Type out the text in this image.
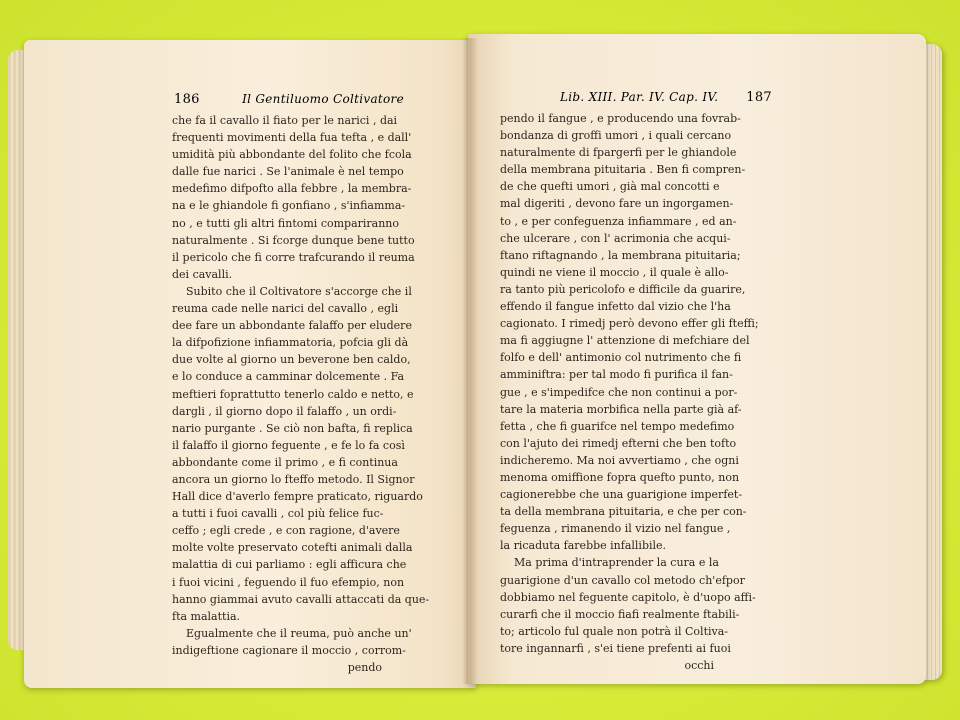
186	Il Gentiluomo Coltivatore	Lib. XIII. Par. IV. Cap. IV. 187
che fa il cavallo il fiato per le narici , dai
frequenti movimenti della fua tefta , e dall'
umidità più abbondante del folito che fcola
dalle fue narici . Se l'animale è nel tempo
medefimo difpofto alla febbre , la membra-
na e le ghiandole fi gonfiano , s'infiamma-
no , e tutti gli altri fintomi compariranno
naturalmente . Si fcorge dunque bene tutto
il pericolo che fi corre trafcurando il reuma
dei cavalli.
Subito che il Coltivatore s'accorge che il
reuma cade nelle narici del cavallo , egli
dee fare un abbondante falaffo per eludere
la difpofizione infiammatoria, pofcia gli dà
due volte al giorno un beverone ben caldo,
e lo conduce a camminar dolcemente . Fa
meftieri foprattutto tenerlo caldo e netto, e
dargli , il giorno dopo il falaffo , un ordi-
nario purgante . Se ciò non bafta, fi replica
il falaffo il giorno feguente , e fe lo fa così
abbondante come il primo , e fi continua
ancora un giorno lo fteffo metodo. Il Signor
Hall dice d'averlo fempre praticato, riguardo
a tutti i fuoi cavalli , col più felice fuc-
ceffo ; egli crede , e con ragione, d'avere
molte volte preservato cotefti animali dalla
malattia di cui parliamo : egli afficura che
i fuoi vicini , feguendo il fuo efempio, non
hanno giammai avuto cavalli attaccati da que-
fta malattia.
Egualmente che il reuma, può anche un'
indigeftione cagionare il moccio , corrom-
pendo
pendo il fangue , e producendo una fovrab-
bondanza di groffi umori , i quali cercano
naturalmente di fpargerfi per le ghiandole
della membrana pituitaria . Ben fi compren-
de che quefti umori , già mal concotti e
mal digeriti , devono fare un ingorgamen-
to , e per confeguenza infiammare , ed an-
che ulcerare , con l' acrimonia che acqui-
ftano riftagnando , la membrana pituitaria;
quindi ne viene il moccio , il quale è allo-
ra tanto più pericolofo e difficile da guarire,
effendo il fangue infetto dal vizio che l'ha
cagionato. I rimedj però devono effer gli fteffi;
ma fi aggiugne l' attenzione di mefchiare del
folfo e dell' antimonio col nutrimento che fi
amminiftra: per tal modo fi purifica il fan-
gue , e s'impedifce che non continui a por-
tare la materia morbifica nella parte già af-
fetta , che fi guarifce nel tempo medefimo
con l'ajuto dei rimedj efterni che ben tofto
indicheremo. Ma noi avvertiamo , che ogni
menoma omiffione fopra quefto punto, non
cagionerebbe che una guarigione imperfet-
ta della membrana pituitaria, e che per con-
feguenza , rimanendo il vizio nel fangue ,
la ricaduta farebbe infallibile.
Ma prima d'intraprender la cura e la
guarigione d'un cavallo col metodo ch'efpor
dobbiamo nel feguente capitolo, è d'uopo affi-
curarfi che il moccio fiafi realmente ftabili-
to; articolo ful quale non potrà il Coltiva-
tore ingannarfi , s'ei tiene prefenti ai fuoi
occhi
